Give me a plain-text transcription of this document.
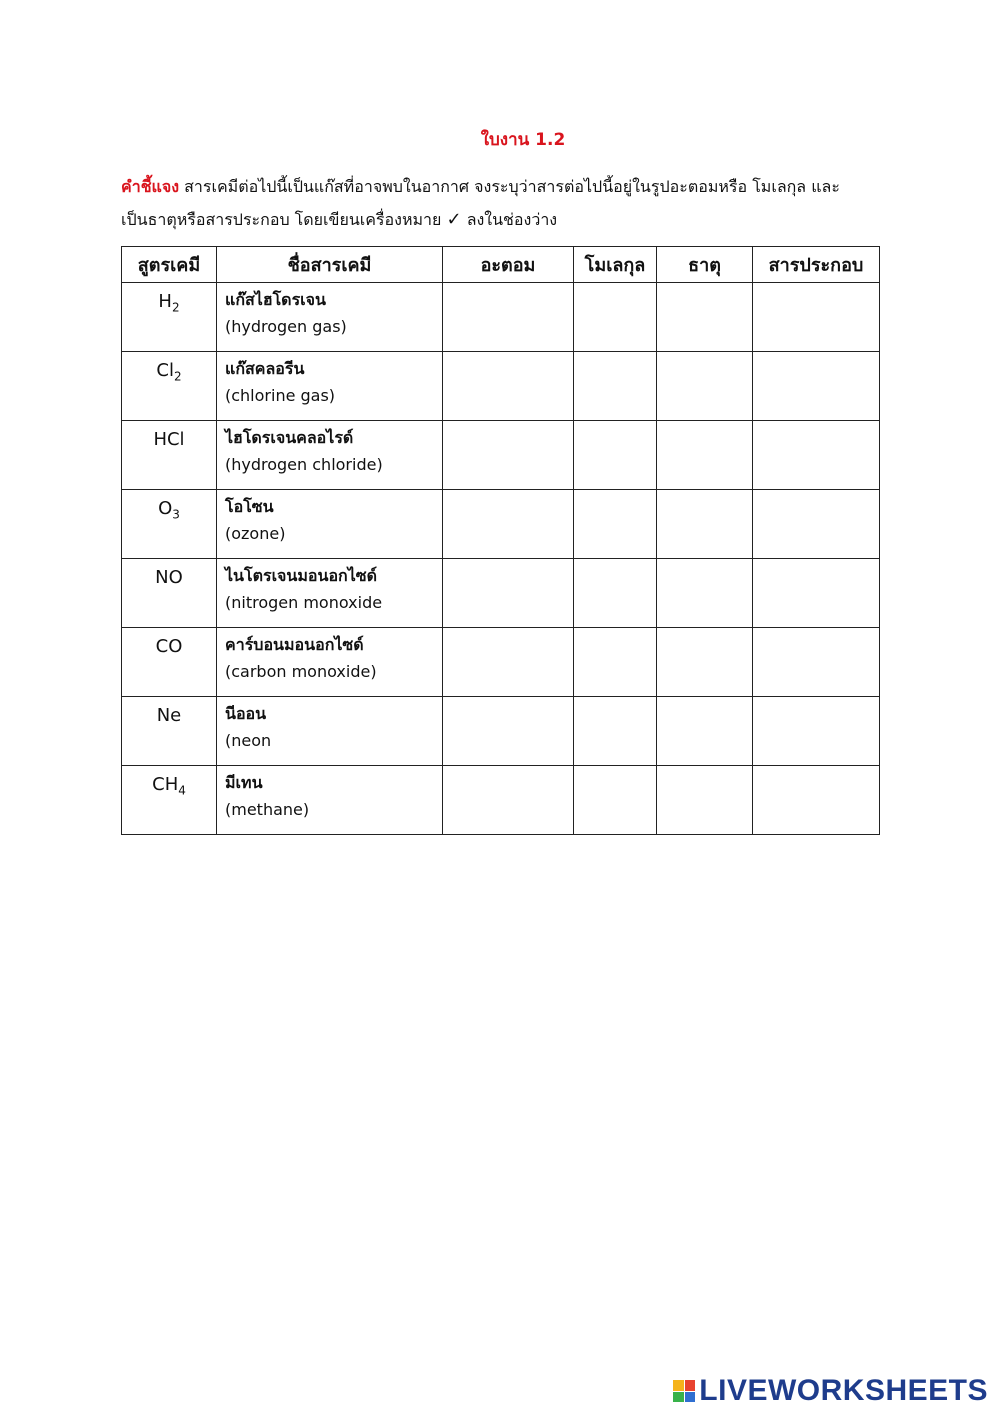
ใบงาน 1.2
คำชี้แจง สารเคมีต่อไปนี้เป็นแก๊สที่อาจพบในอากาศ จงระบุว่าสารต่อไปนี้อยู่ในรูปอะตอมหรือ โมเลกุล และ
เป็นธาตุหรือสารประกอบ โดยเขียนเครื่องหมาย ✓ ลงในช่องว่าง
สูตรเคมี	ชื่อสารเคมี	อะตอม	โมเลกุล	ธาตุ	สารประกอบ
$H_2$	แก๊สไฮโดรเจน
(hydrogen gas)				

$Cl_2$	แก๊สคลอรีน
(chlorine gas)				

HCl	ไฮโดรเจนคลอไรด์
(hydrogen chloride)				

$O_3$	โอโซน
(ozone)				

NO	ไนโตรเจนมอนอกไซด์
(nitrogen monoxide				

CO	คาร์บอนมอนอกไซด์
(carbon monoxide)				

Ne	นีออน
(neon				

$CH_4$	มีเทน
(methane)				

LIVEWORKSHEETS
